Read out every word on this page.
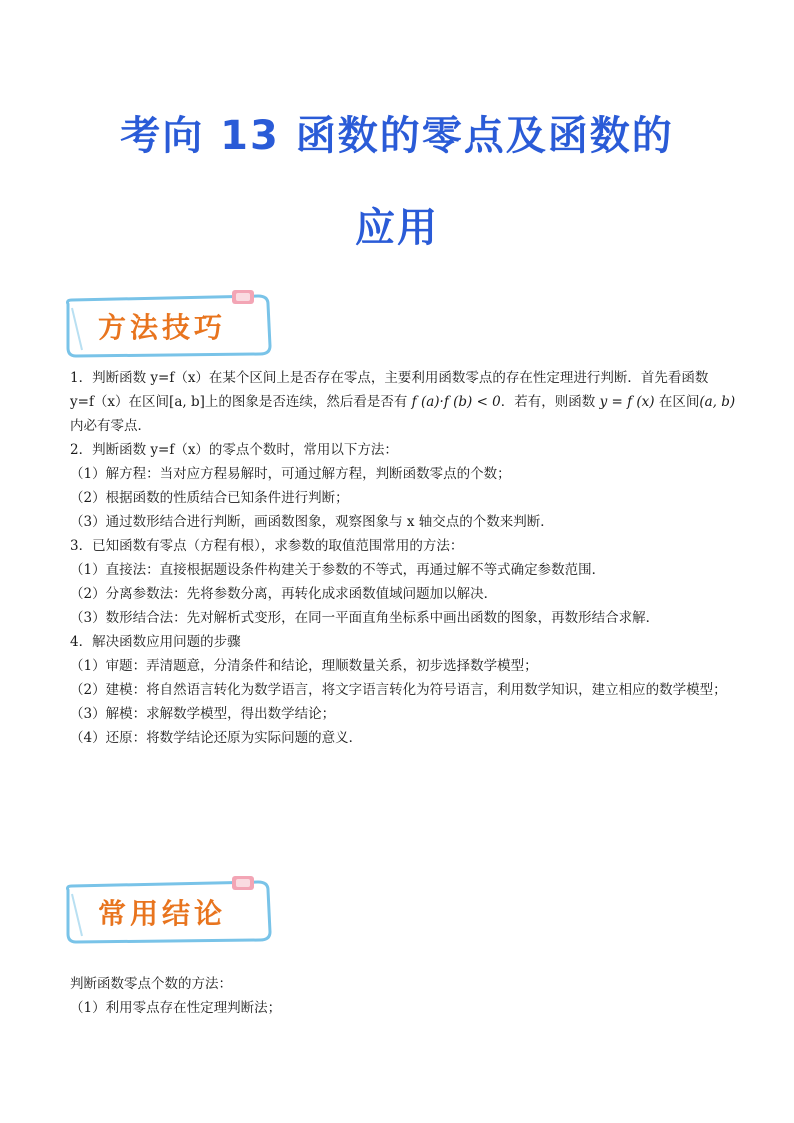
考向 13 函数的零点及函数的
应用
方法技巧
1．判断函数 y=f（x）在某个区间上是否存在零点，主要利用函数零点的存在性定理进行判断．首先看函数
y=f（x）在区间[a, b]上的图象是否连续，然后看是否有 f (a)·f (b) < 0．若有，则函数 y = f (x) 在区间(a, b)
内必有零点．
2．判断函数 y=f（x）的零点个数时，常用以下方法：
（1）解方程：当对应方程易解时，可通过解方程，判断函数零点的个数；
（2）根据函数的性质结合已知条件进行判断；
（3）通过数形结合进行判断，画函数图象，观察图象与 x 轴交点的个数来判断．
3．已知函数有零点（方程有根），求参数的取值范围常用的方法：
（1）直接法：直接根据题设条件构建关于参数的不等式，再通过解不等式确定参数范围．
（2）分离参数法：先将参数分离，再转化成求函数值域问题加以解决．
（3）数形结合法：先对解析式变形，在同一平面直角坐标系中画出函数的图象，再数形结合求解．
4．解决函数应用问题的步骤
（1）审题：弄清题意，分清条件和结论，理顺数量关系，初步选择数学模型；
（2）建模：将自然语言转化为数学语言，将文字语言转化为符号语言，利用数学知识，建立相应的数学模型；
（3）解模：求解数学模型，得出数学结论；
（4）还原：将数学结论还原为实际问题的意义．
常用结论
判断函数零点个数的方法：
（1）利用零点存在性定理判断法；
